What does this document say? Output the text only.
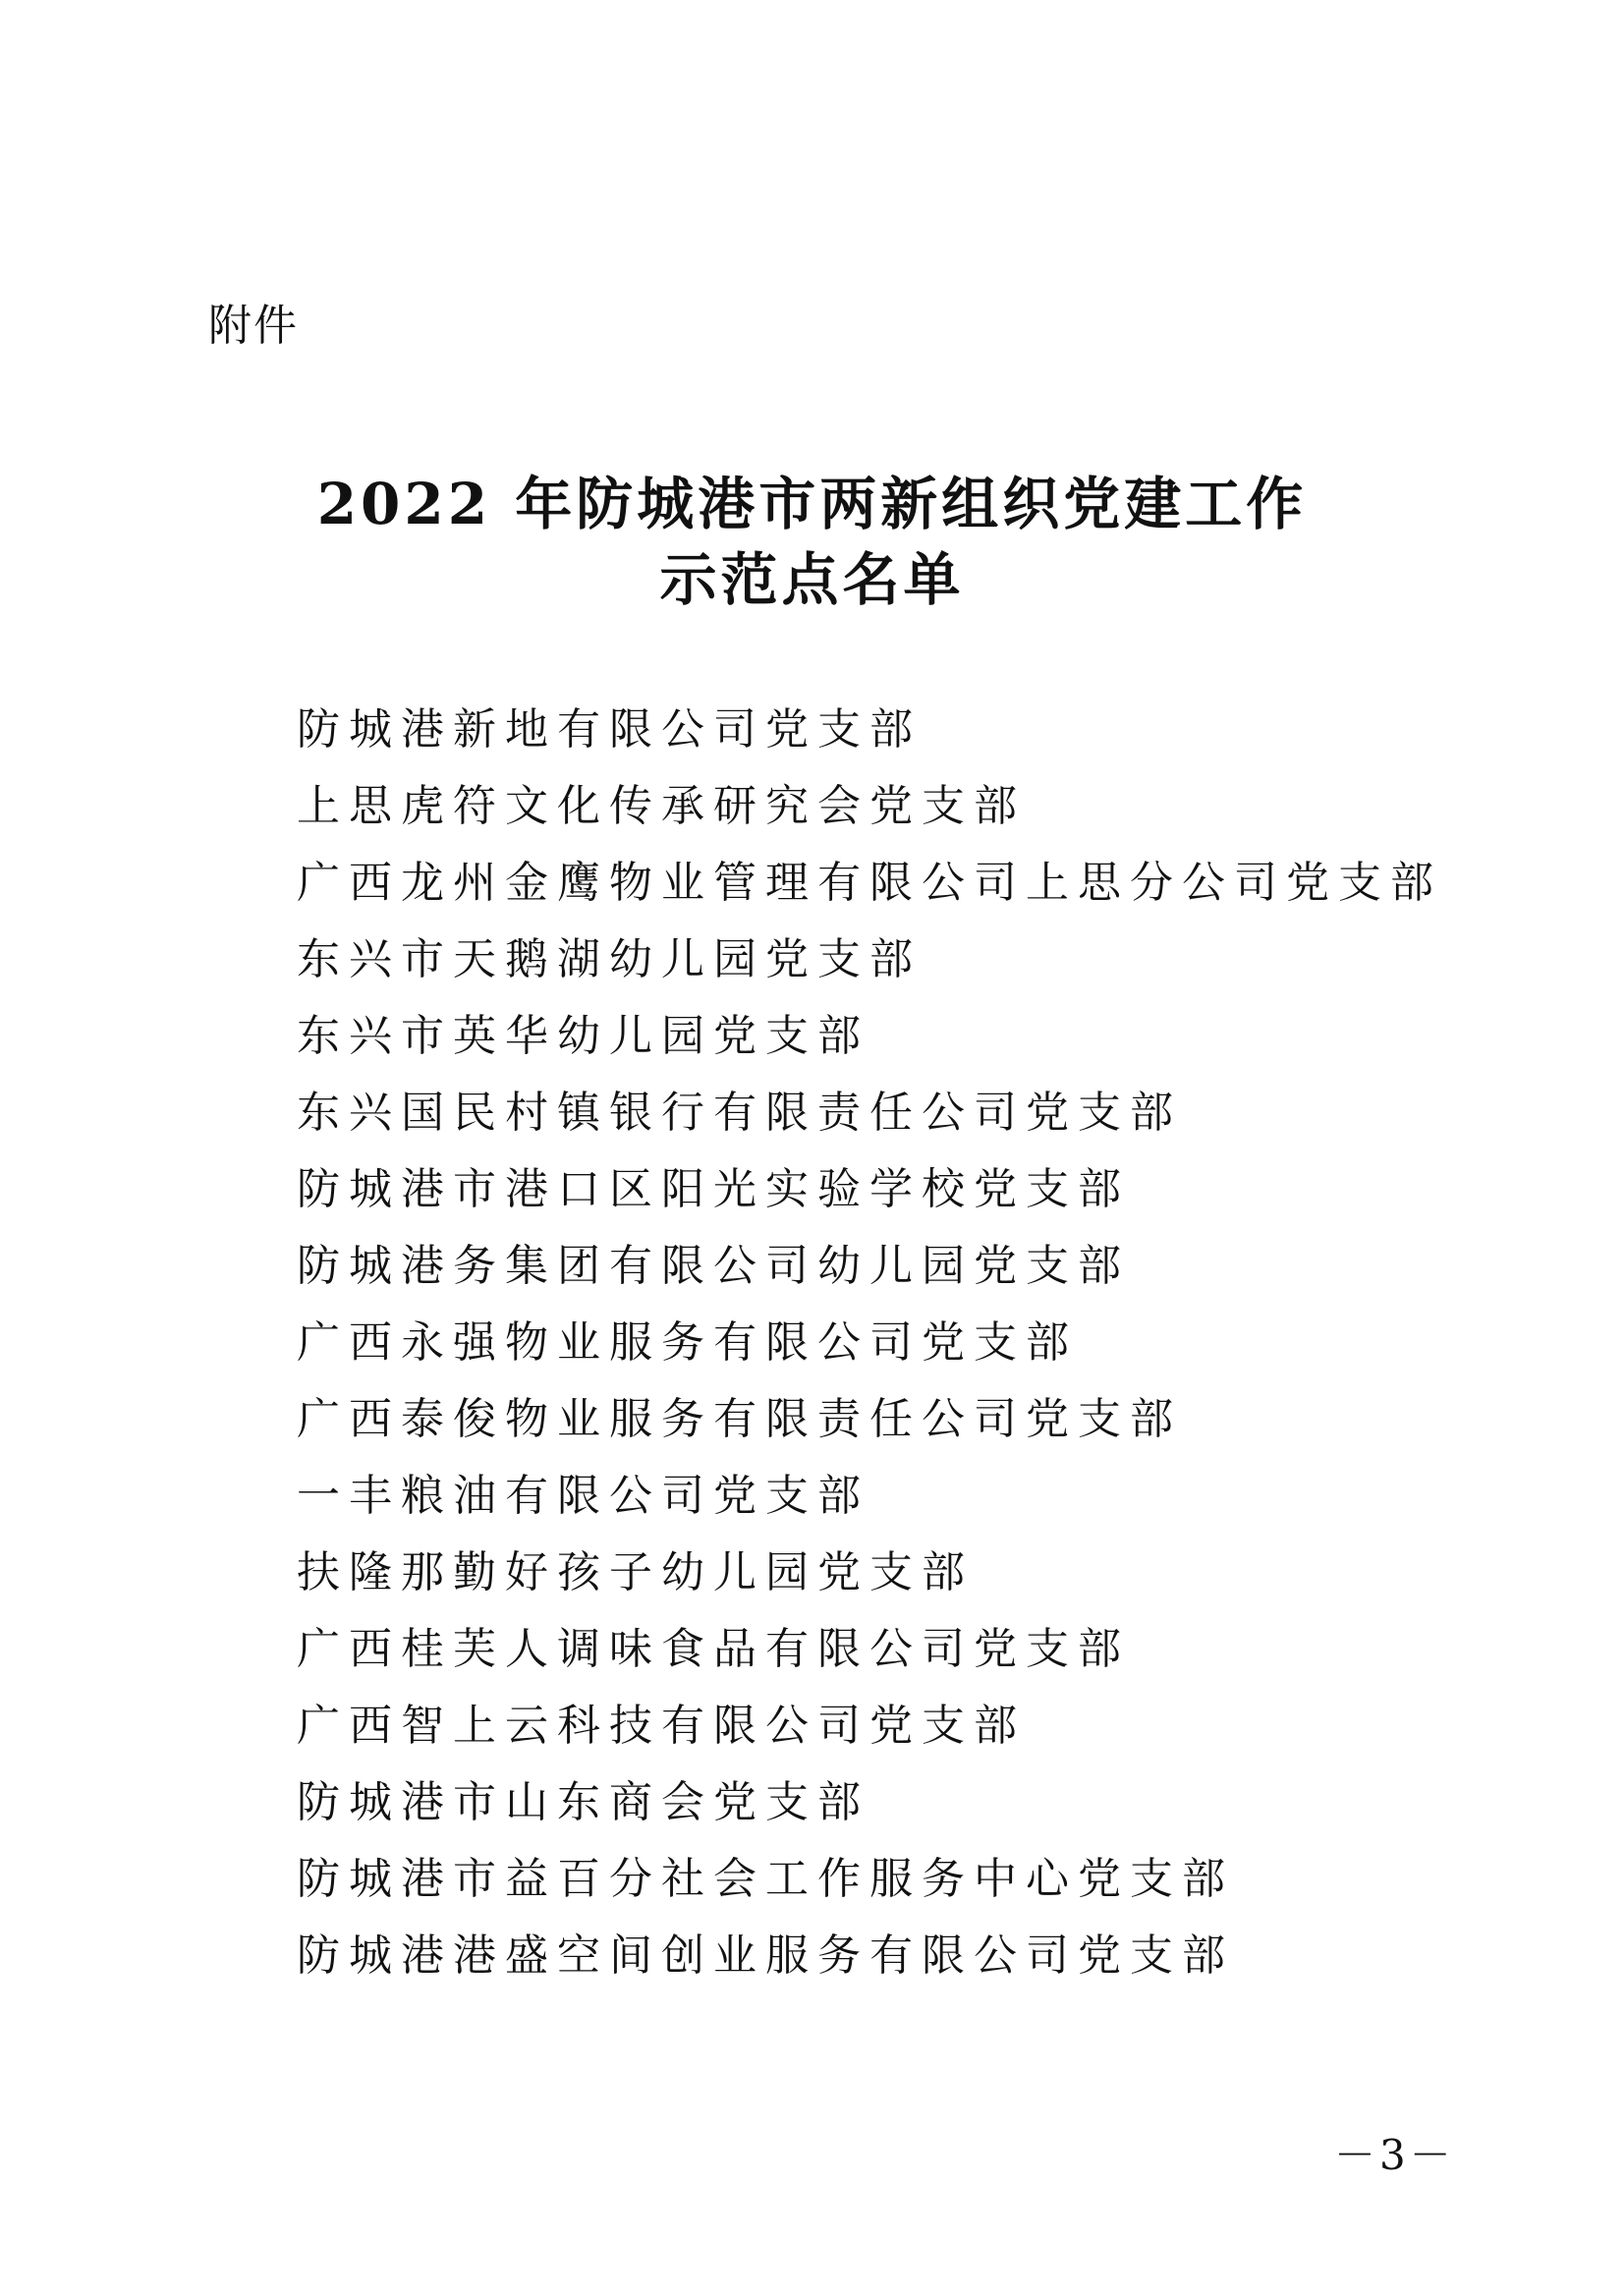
附件
2022 年防城港市两新组织党建工作
示范点名单
防城港新地有限公司党支部
上思虎符文化传承研究会党支部
广西龙州金鹰物业管理有限公司上思分公司党支部
东兴市天鹅湖幼儿园党支部
东兴市英华幼儿园党支部
东兴国民村镇银行有限责任公司党支部
防城港市港口区阳光实验学校党支部
防城港务集团有限公司幼儿园党支部
广西永强物业服务有限公司党支部
广西泰俊物业服务有限责任公司党支部
一丰粮油有限公司党支部
扶隆那勤好孩子幼儿园党支部
广西桂芙人调味食品有限公司党支部
广西智上云科技有限公司党支部
防城港市山东商会党支部
防城港市益百分社会工作服务中心党支部
防城港港盛空间创业服务有限公司党支部
－3－
